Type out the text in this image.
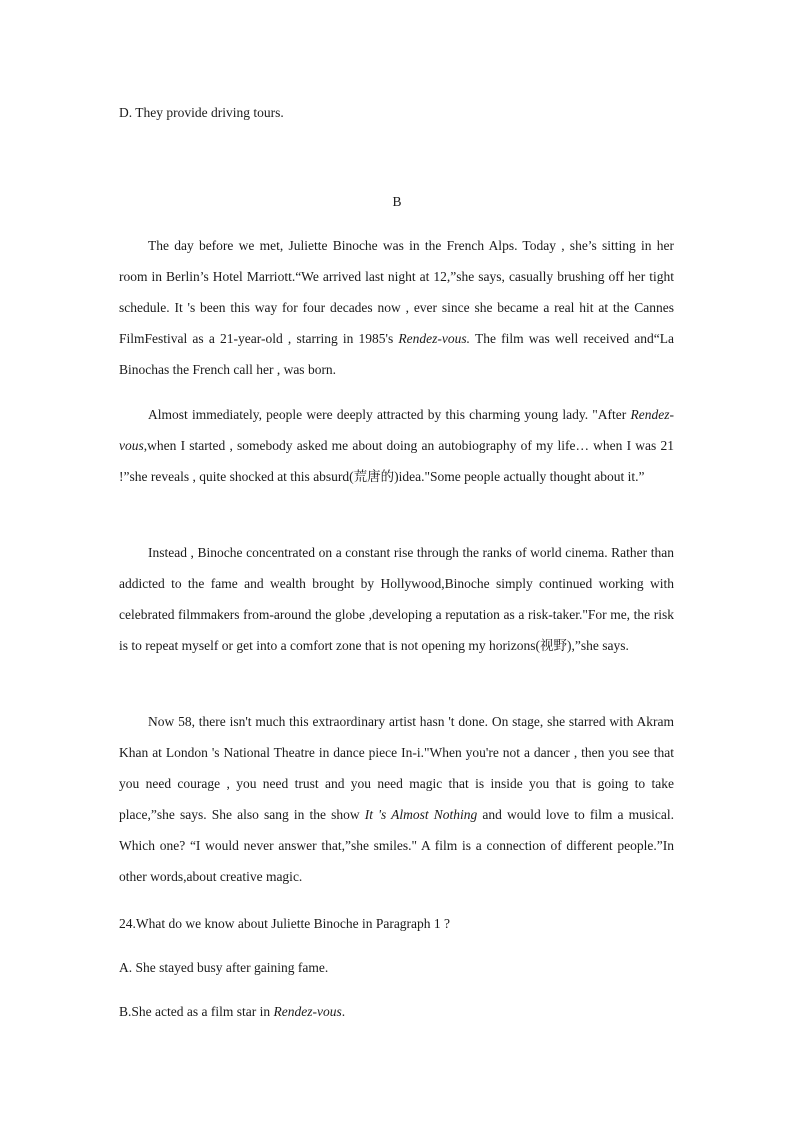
D. They provide driving tours.
B

The day before we met, Juliette Binoche was in the French Alps. Today , she’s sitting in her room in Berlin’s Hotel Marriott.“We arrived last night at 12,”she says, casually brushing off her tight schedule. It 's been this way for four decades now , ever since she became a real hit at the Cannes FilmFestival as a 21-year-old , starring in 1985's Rendez-vous. The film was well received and“La Binochas the French call her , was born.

Almost immediately, people were deeply attracted by this charming young lady. "After Rendez-vous,when I started , somebody asked me about doing an autobiography of my life… when I was 21 !”she reveals , quite shocked at this absurd(荒唐的)idea."Some people actually thought about it.”

Instead , Binoche concentrated on a constant rise through the ranks of world cinema. Rather than addicted to the fame and wealth brought by Hollywood,Binoche simply continued working with celebrated filmmakers from-around the globe ,developing a reputation as a risk-taker."For me, the risk is to repeat myself or get into a comfort zone that is not opening my horizons(视野),”she says.

Now 58, there isn't much this extraordinary artist hasn 't done. On stage, she starred with Akram Khan at London 's National Theatre in dance piece In-i."When you're not a dancer , then you see that you need courage , you need trust and you need magic that is inside you that is going to take place,”she says. She also sang in the show It 's Almost Nothing and would love to film a musical. Which one? “I would never answer that,”she smiles." A film is a connection of different people.”In other words,about creative magic.

24.What do we know about Juliette Binoche in Paragraph 1 ?
A. She stayed busy after gaining fame.
B.She acted as a film star in Rendez-vous.
